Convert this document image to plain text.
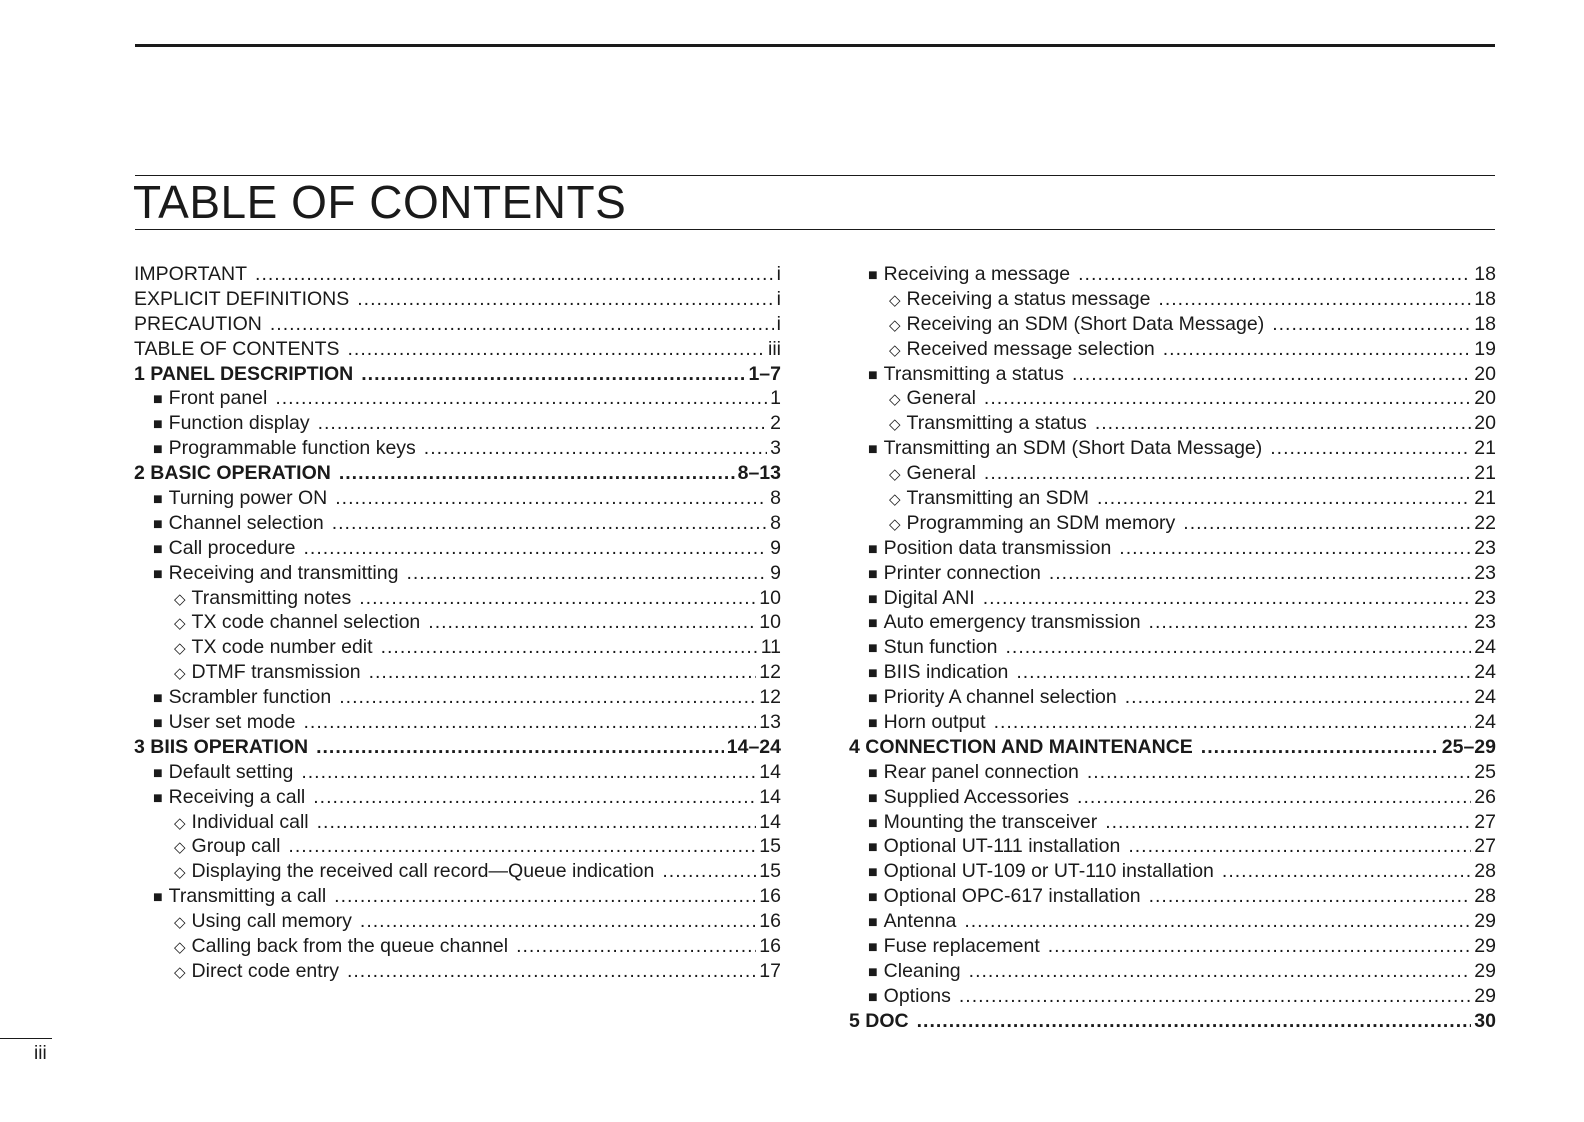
TABLE OF CONTENTS
IMPORTANT .....	i
EXPLICIT DEFINITIONS .....	i
PRECAUTION .....	i
TABLE OF CONTENTS .....	iii
1 PANEL DESCRIPTION .....	1–7
■ Front panel .....	1
■ Function display .....	2
■ Programmable function keys .....	3
2 BASIC OPERATION .....	8–13
■ Turning power ON .....	8
■ Channel selection .....	8
■ Call procedure .....	9
■ Receiving and transmitting .....	9
◇ Transmitting notes .....	10
◇ TX code channel selection .....	10
◇ TX code number edit .....	11
◇ DTMF transmission .....	12
■ Scrambler function .....	12
■ User set mode .....	13
3 BIIS OPERATION .....	14–24
■ Default setting .....	14
■ Receiving a call .....	14
◇ Individual call .....	14
◇ Group call .....	15
◇ Displaying the received call record—Queue indication .....	15
■ Transmitting a call .....	16
◇ Using call memory .....	16
◇ Calling back from the queue channel .....	16
◇ Direct code entry .....	17
■ Receiving a message .....	18
◇ Receiving a status message .....	18
◇ Receiving an SDM (Short Data Message) .....	18
◇ Received message selection .....	19
■ Transmitting a status .....	20
◇ General .....	20
◇ Transmitting a status .....	20
■ Transmitting an SDM (Short Data Message) .....	21
◇ General .....	21
◇ Transmitting an SDM .....	21
◇ Programming an SDM memory .....	22
■ Position data transmission .....	23
■ Printer connection .....	23
■ Digital ANI .....	23
■ Auto emergency transmission .....	23
■ Stun function .....	24
■ BIIS indication .....	24
■ Priority A channel selection .....	24
■ Horn output .....	24
4 CONNECTION AND MAINTENANCE .....	25–29
■ Rear panel connection .....	25
■ Supplied Accessories .....	26
■ Mounting the transceiver .....	27
■ Optional UT-111 installation .....	27
■ Optional UT-109 or UT-110 installation .....	28
■ Optional OPC-617 installation .....	28
■ Antenna .....	29
■ Fuse replacement .....	29
■ Cleaning .....	29
■ Options .....	29
5 DOC .....	30
iii
